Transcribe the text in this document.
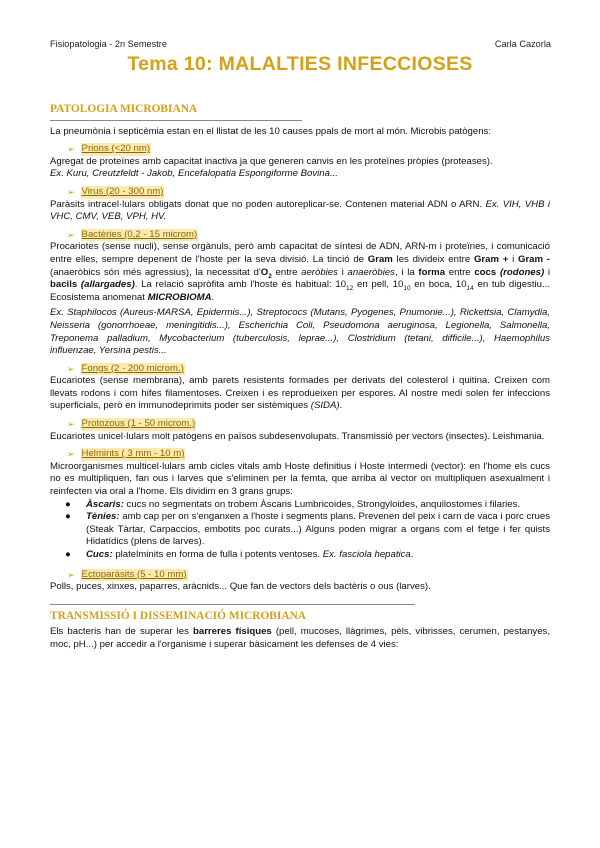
Fisiopatologia - 2n Semestre	Carla Cazorla
Tema 10: MALALTIES INFECCIOSES
PATOLOGIA MICROBIANA

La pneumònia i septicèmia estan en el llistat de les 10 causes ppals de mort al món. Microbis patògens:

➢ Prions (<20 nm)

Agregat de proteïnes amb capacitat inactiva ja que generen canvis en les proteïnes pròpies (proteases).
Ex. Kuru, Creutzfeldt - Jakob, Encefalopatia Espongiforme Bovina...

➢ Virus (20 - 300 nm)

Paràsits intracel·lulars obligats donat que no poden autoreplicar-se. Contenen material ADN o ARN. Ex. VIH, VHB i VHC, CMV, VEB, VPH, HV.

➢ Bactèries (0,2 - 15 microm)

Procariotes (sense nucli), sense orgànuls, però amb capacitat de síntesi de ADN, ARN-m i proteïnes, i comunicació entre elles, sempre depenent de l'hoste per la seva divisió. La tinció de Gram les divideix entre Gram + i Gram - (anaeròbics són més agressius), la necessitat $d'O_2$ entre aeròbies i anaeròbies, i la forma entre cocs (rodones) i bacils (allargades). La relació sapròfita amb l'hoste és habitual: $10_{12}$ en pell, $10_{10}$ en boca, $10_{14}$ en tub digestiu... Ecosistema anomenat MICROBIOMA.

Ex. Staphilocos (Aureus-MARSA, Epidermis...), Streptococs (Mutans, Pyogenes, Pnumonie...), Rickettsia, Clamydia, Neisseria (gonorrhoeae, meningitidis...), Escherichia Coli, Pseudomona aeruginosa, Legionella, Salmonella, Treponema palladium, Mycobacterium (tuberculosis, leprae...), Clostridium (tetani, difficile...), Haemophilus influenzae, Yersina pestis...

➢ Fongs (2 - 200 microm.)

Eucariotes (sense membrana), amb parets resistents formades per derivats del colesterol i quitina. Creixen com llevats rodons i com hifes filamentoses. Creixen i es reprodueixen per espores. Al nostre medi solen fer infeccions superficials, però en immunodeprimits poder ser sistèmiques (SIDA).

➢ Protozous (1 - 50 microm.)

Eucariotes unicel·lulars molt patògens en països subdesenvolupats. Transmissió per vectors (insectes). Leishmania.

➢ Helmints ( 3 mm - 10 m)

Microorganismes multicel·lulars amb cicles vitals amb Hoste definitius i Hoste intermedi (vector): en l'home els cucs no es multipliquen, fan ous i larves que s'eliminen per la femta, que arriba al vector on multipliquen asexualment i reinfecten via oral a l'home. Els dividim en 3 grans grups:

● Àscaris: cucs no segmentats on trobem Àscaris Lumbricoides, Strongyloides, anquilostomes i filaries.
● Tènies: amb cap per on s'enganxen a l'hoste i segments plans. Prevenen del peix i carn de vaca i porc crues (Steak Tàrtar, Carpaccios, embotits poc curats...) Alguns poden migrar a organs com el fetge i fer quists Hidatídics (plens de larves).
● Cucs: platelminits en forma de fulla i potents ventoses. Ex. fasciola hepatica.
➢ Ectoparàsits (5 - 10 mm)

Polls, puces, xinxes, paparres, aràcnids... Que fan de vectors dels bactèris o ous (larves).

TRANSMISSIÓ I DISSEMINACIÓ MICROBIANA

Els bacteris han de superar les barreres físiques (pell, mucoses, llàgrimes, pèls, vibrisses, cerumen, pestanyes, moc, pH...) per accedir a l'organisme i superar bàsicament les defenses de 4 vies:
